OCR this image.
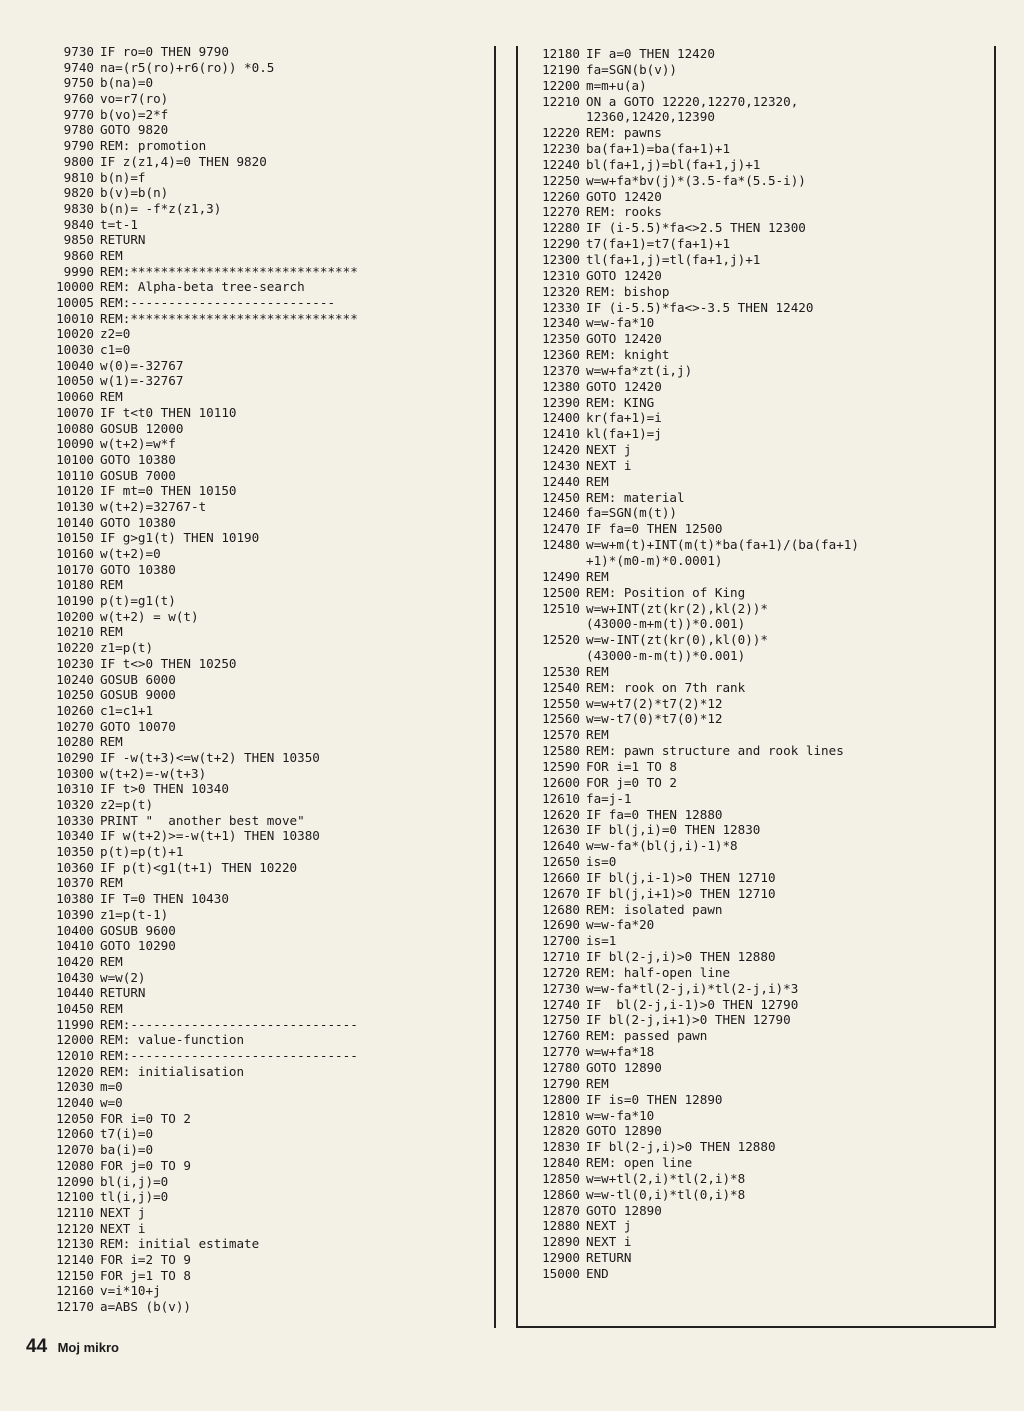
9730 IF ro=0 THEN 9790
9740 na=(r5(ro)+r6(ro)) *0.5
9750 b(na)=0
9760 vo=r7(ro)
9770 b(vo)=2*f
9780 GOTO 9820
9790 REM: promotion
9800 IF z(z1,4)=0 THEN 9820
9810 b(n)=f
9820 b(v)=b(n)
9830 b(n)= -f*z(z1,3)
9840 t=t-1
9850 RETURN
9860 REM
9990 REM:******************************
10000 REM: Alpha-beta tree-search
10005 REM:---------------------------
10010 REM:******************************
10020 z2=0
10030 c1=0
10040 w(0)=-32767
10050 w(1)=-32767
10060 REM
10070 IF t<t0 THEN 10110
10080 GOSUB 12000
10090 w(t+2)=w*f
10100 GOTO 10380
10110 GOSUB 7000
10120 IF mt=0 THEN 10150
10130 w(t+2)=32767-t
10140 GOTO 10380
10150 IF g>g1(t) THEN 10190
10160 w(t+2)=0
10170 GOTO 10380
10180 REM
10190 p(t)=g1(t)
10200 w(t+2) = w(t)
10210 REM
10220 z1=p(t)
10230 IF t<>0 THEN 10250
10240 GOSUB 6000
10250 GOSUB 9000
10260 c1=c1+1
10270 GOTO 10070
10280 REM
10290 IF -w(t+3)<=w(t+2) THEN 10350
10300 w(t+2)=-w(t+3)
10310 IF t>0 THEN 10340
10320 z2=p(t)
10330 PRINT "  another best move"
10340 IF w(t+2)>=-w(t+1) THEN 10380
10350 p(t)=p(t)+1
10360 IF p(t)<g1(t+1) THEN 10220
10370 REM
10380 IF T=0 THEN 10430
10390 z1=p(t-1)
10400 GOSUB 9600
10410 GOTO 10290
10420 REM
10430 w=w(2)
10440 RETURN
10450 REM
11990 REM:------------------------------
12000 REM: value-function
12010 REM:------------------------------
12020 REM: initialisation
12030 m=0
12040 w=0
12050 FOR i=0 TO 2
12060 t7(i)=0
12070 ba(i)=0
12080 FOR j=0 TO 9
12090 bl(i,j)=0
12100 tl(i,j)=0
12110 NEXT j
12120 NEXT i
12130 REM: initial estimate
12140 FOR i=2 TO 9
12150 FOR j=1 TO 8
12160 v=i*10+j
12170 a=ABS (b(v))
12180 IF a=0 THEN 12420
12190 fa=SGN(b(v))
12200 m=m+u(a)
12210 ON a GOTO 12220,12270,12320,
12360,12420,12390
12220 REM: pawns
12230 ba(fa+1)=ba(fa+1)+1
12240 bl(fa+1,j)=bl(fa+1,j)+1
12250 w=w+fa*bv(j)*(3.5-fa*(5.5-i))
12260 GOTO 12420
12270 REM: rooks
12280 IF (i-5.5)*fa<>2.5 THEN 12300
12290 t7(fa+1)=t7(fa+1)+1
12300 tl(fa+1,j)=tl(fa+1,j)+1
12310 GOTO 12420
12320 REM: bishop
12330 IF (i-5.5)*fa<>-3.5 THEN 12420
12340 w=w-fa*10
12350 GOTO 12420
12360 REM: knight
12370 w=w+fa*zt(i,j)
12380 GOTO 12420
12390 REM: KING
12400 kr(fa+1)=i
12410 kl(fa+1)=j
12420 NEXT j
12430 NEXT i
12440 REM
12450 REM: material
12460 fa=SGN(m(t))
12470 IF fa=0 THEN 12500
12480 w=w+m(t)+INT(m(t)*ba(fa+1)/(ba(fa+1)
+1)*(m0-m)*0.0001)
12490 REM
12500 REM: Position of King
12510 w=w+INT(zt(kr(2),kl(2))*
(43000-m+m(t))*0.001)
12520 w=w-INT(zt(kr(0),kl(0))*
(43000-m-m(t))*0.001)
12530 REM
12540 REM: rook on 7th rank
12550 w=w+t7(2)*t7(2)*12
12560 w=w-t7(0)*t7(0)*12
12570 REM
12580 REM: pawn structure and rook lines
12590 FOR i=1 TO 8
12600 FOR j=0 TO 2
12610 fa=j-1
12620 IF fa=0 THEN 12880
12630 IF bl(j,i)=0 THEN 12830
12640 w=w-fa*(bl(j,i)-1)*8
12650 is=0
12660 IF bl(j,i-1)>0 THEN 12710
12670 IF bl(j,i+1)>0 THEN 12710
12680 REM: isolated pawn
12690 w=w-fa*20
12700 is=1
12710 IF bl(2-j,i)>0 THEN 12880
12720 REM: half-open line
12730 w=w-fa*tl(2-j,i)*tl(2-j,i)*3
12740 IF  bl(2-j,i-1)>0 THEN 12790
12750 IF bl(2-j,i+1)>0 THEN 12790
12760 REM: passed pawn
12770 w=w+fa*18
12780 GOTO 12890
12790 REM
12800 IF is=0 THEN 12890
12810 w=w-fa*10
12820 GOTO 12890
12830 IF bl(2-j,i)>0 THEN 12880
12840 REM: open line
12850 w=w+tl(2,i)*tl(2,i)*8
12860 w=w-tl(0,i)*tl(0,i)*8
12870 GOTO 12890
12880 NEXT j
12890 NEXT i
12900 RETURN
15000 END
44 Moj mikro
